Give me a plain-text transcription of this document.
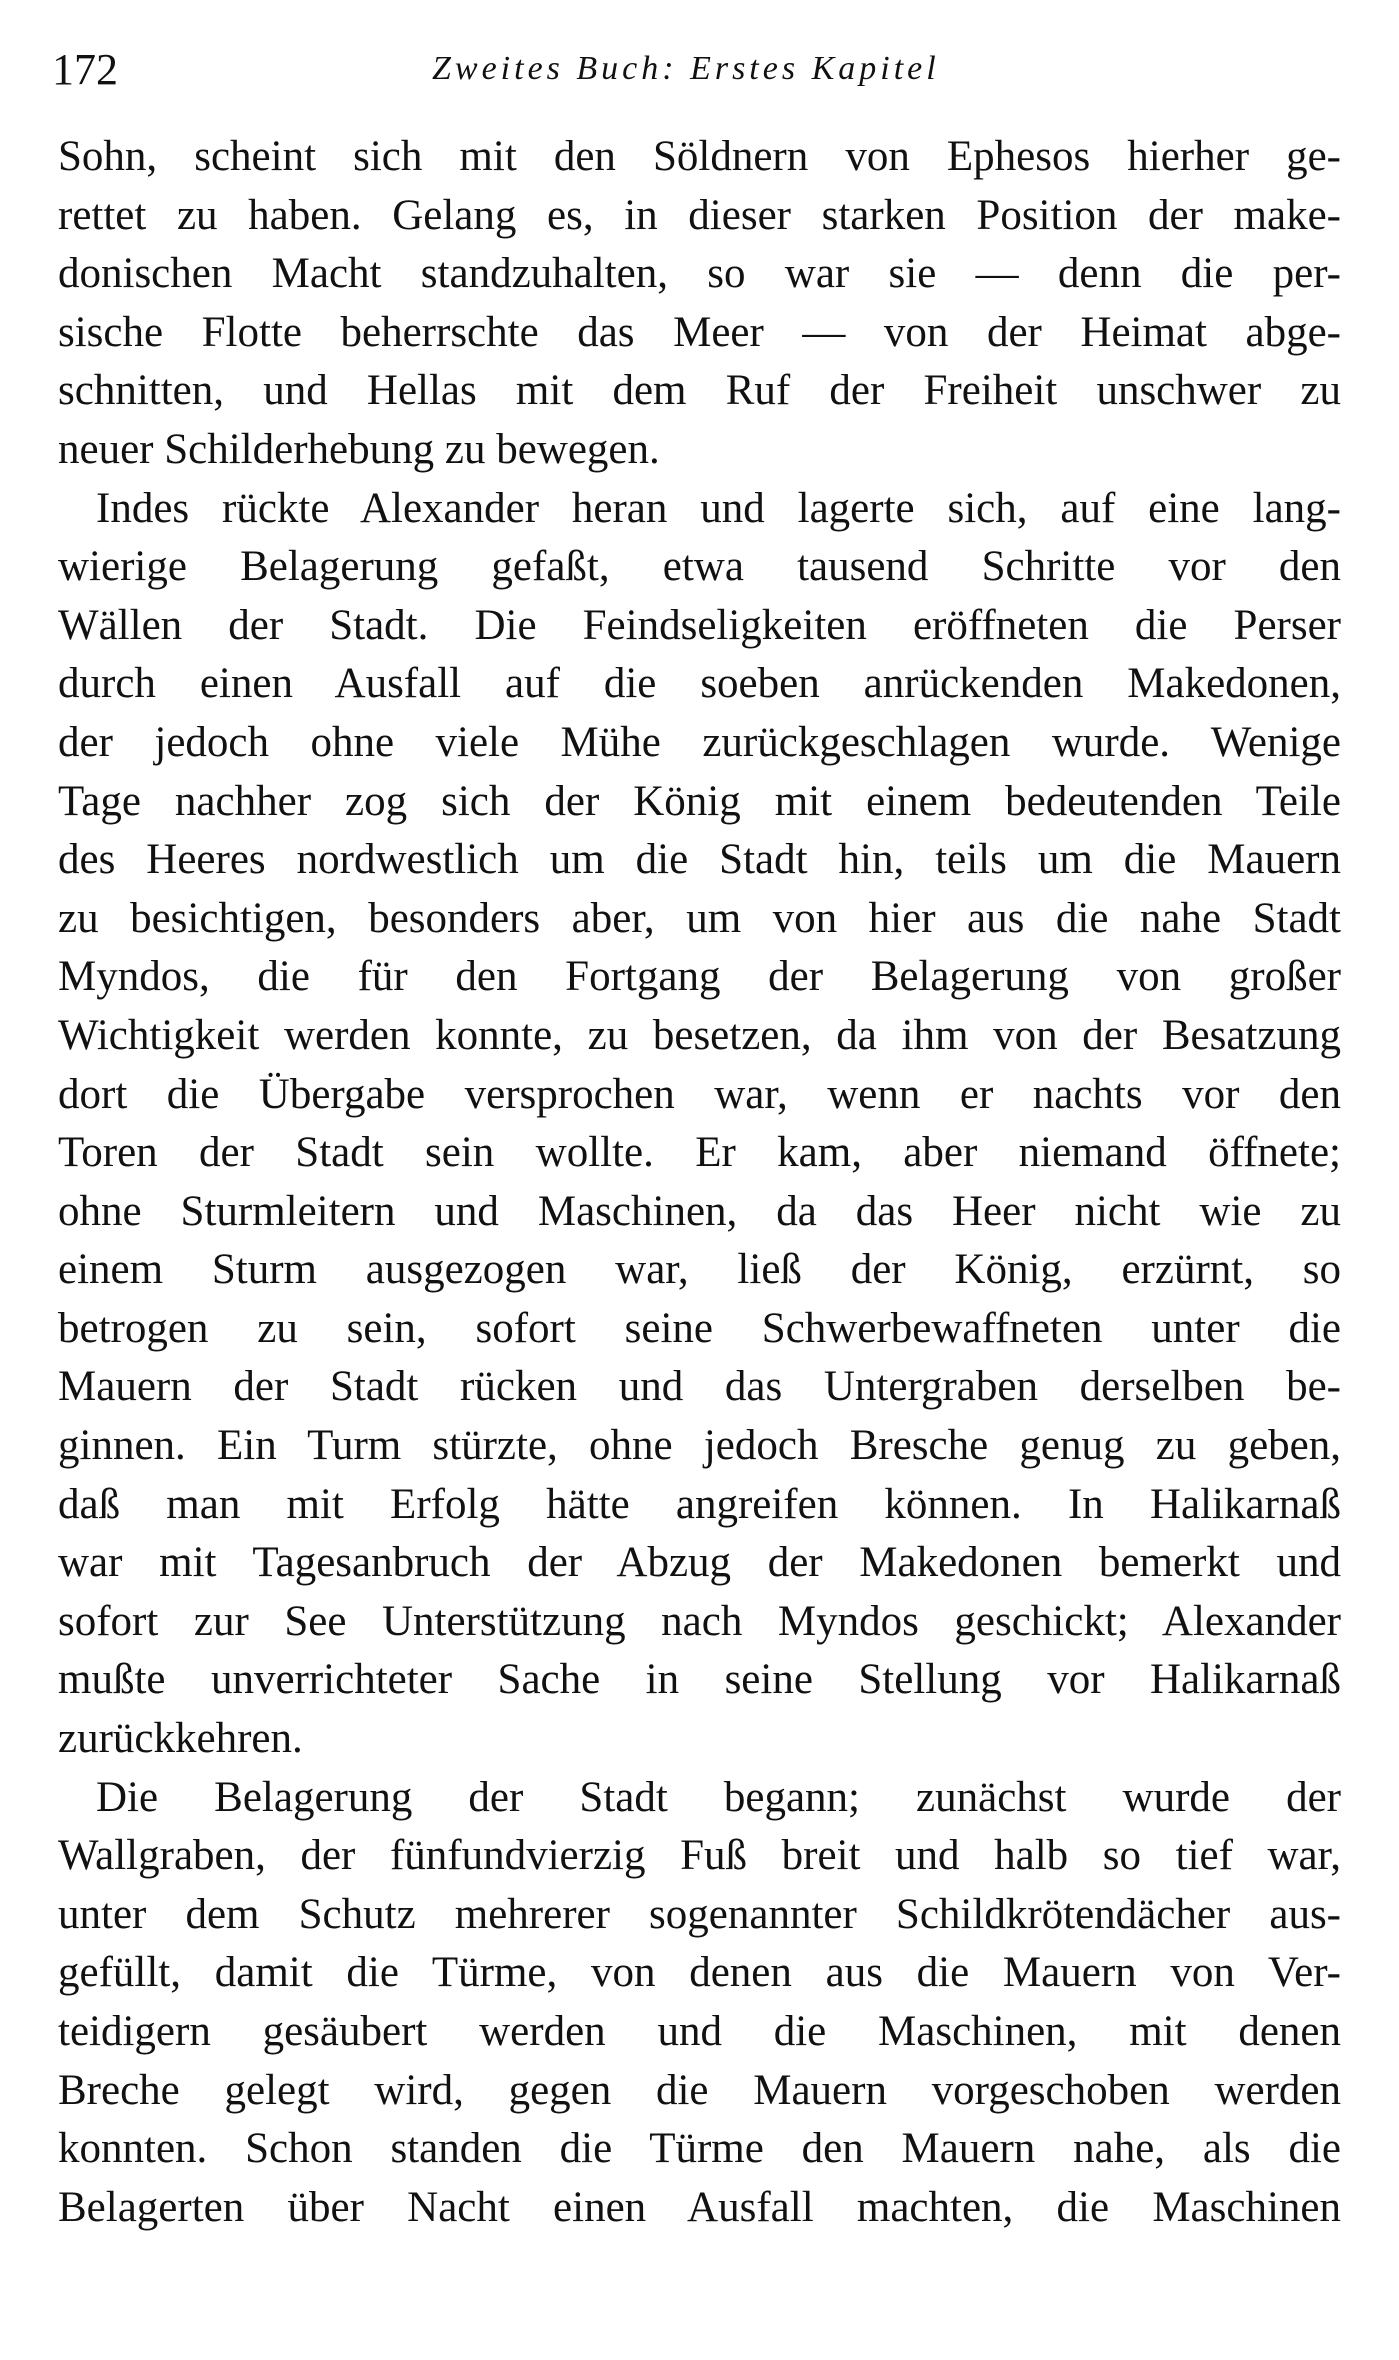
172	Zweites Buch: Erstes Kapitel
Sohn, scheint sich mit den Söldnern von Ephesos hierher ge-
rettet zu haben. Gelang es, in dieser starken Position der make-
donischen Macht standzuhalten, so war sie — denn die per-
sische Flotte beherrschte das Meer — von der Heimat abge-
schnitten, und Hellas mit dem Ruf der Freiheit unschwer zu
neuer Schilderhebung zu bewegen.
Indes rückte Alexander heran und lagerte sich, auf eine lang-
wierige Belagerung gefaßt, etwa tausend Schritte vor den
Wällen der Stadt. Die Feindseligkeiten eröffneten die Perser
durch einen Ausfall auf die soeben anrückenden Makedonen,
der jedoch ohne viele Mühe zurückgeschlagen wurde. Wenige
Tage nachher zog sich der König mit einem bedeutenden Teile
des Heeres nordwestlich um die Stadt hin, teils um die Mauern
zu besichtigen, besonders aber, um von hier aus die nahe Stadt
Myndos, die für den Fortgang der Belagerung von großer
Wichtigkeit werden konnte, zu besetzen, da ihm von der Besatzung
dort die Übergabe versprochen war, wenn er nachts vor den
Toren der Stadt sein wollte. Er kam, aber niemand öffnete;
ohne Sturmleitern und Maschinen, da das Heer nicht wie zu
einem Sturm ausgezogen war, ließ der König, erzürnt, so
betrogen zu sein, sofort seine Schwerbewaffneten unter die
Mauern der Stadt rücken und das Untergraben derselben be-
ginnen. Ein Turm stürzte, ohne jedoch Bresche genug zu geben,
daß man mit Erfolg hätte angreifen können. In Halikarnaß
war mit Tagesanbruch der Abzug der Makedonen bemerkt und
sofort zur See Unterstützung nach Myndos geschickt; Alexander
mußte unverrichteter Sache in seine Stellung vor Halikarnaß
zurückkehren.
Die Belagerung der Stadt begann; zunächst wurde der
Wallgraben, der fünfundvierzig Fuß breit und halb so tief war,
unter dem Schutz mehrerer sogenannter Schildkrötendächer aus-
gefüllt, damit die Türme, von denen aus die Mauern von Ver-
teidigern gesäubert werden und die Maschinen, mit denen
Breche gelegt wird, gegen die Mauern vorgeschoben werden
konnten. Schon standen die Türme den Mauern nahe, als die
Belagerten über Nacht einen Ausfall machten, die Maschinen
